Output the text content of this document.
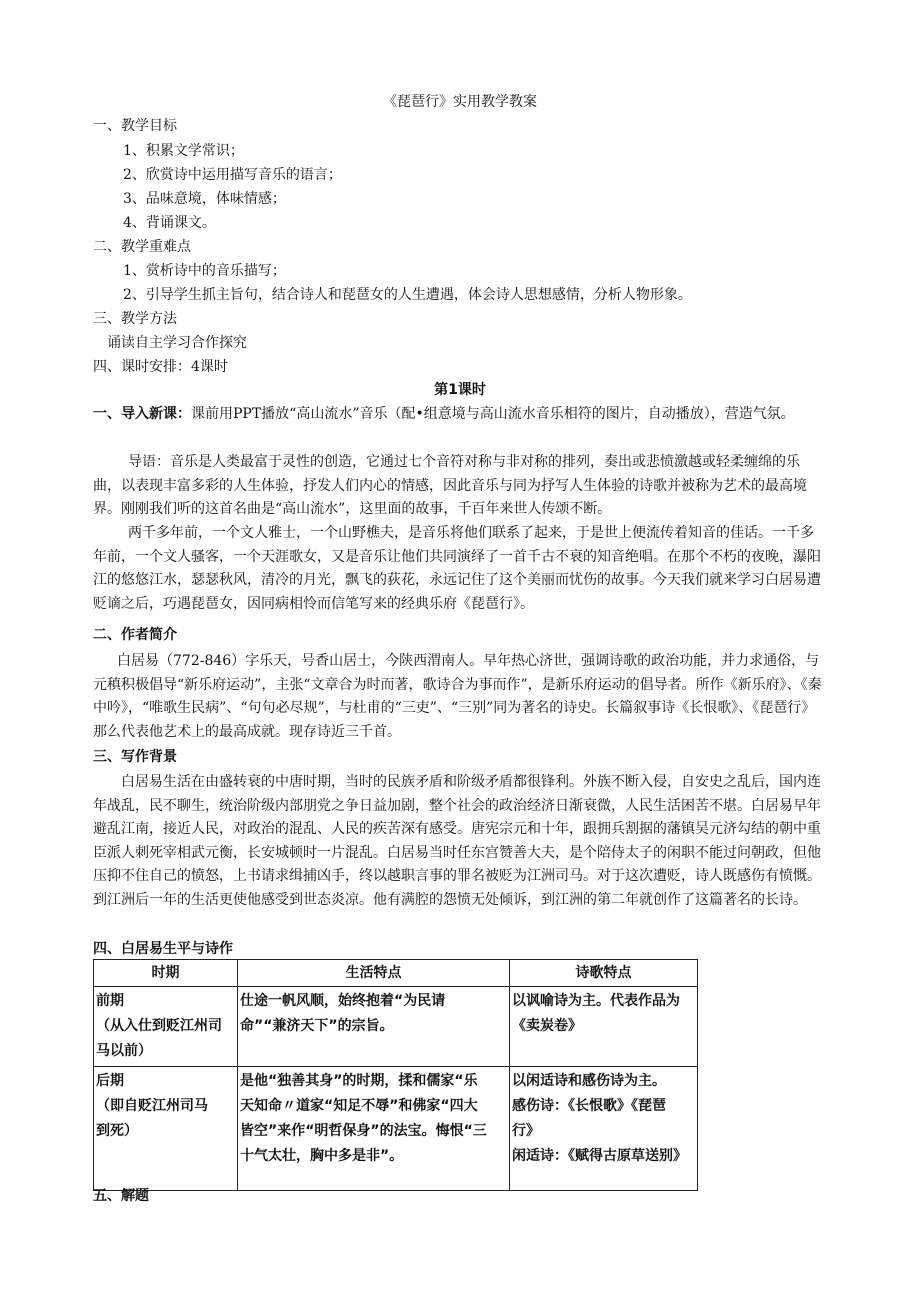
《琵琶行》实用教学教案
一、教学目标
1、积累文学常识；
2、欣赏诗中运用描写音乐的语言；
3、品味意境，体味情感；
4、背诵课文。
二、教学重难点
1、赏析诗中的音乐描写；
2、引导学生抓主旨句，结合诗人和琵琶女的人生遭遇，体会诗人思想感情，分析人物形象。
三、教学方法
诵读自主学习合作探究
四、课时安排：4课时
第1课时
一、导入新课：课前用PPT播放“高山流水”音乐（配•组意境与高山流水音乐相符的图片，自动播放），营造气氛。
导语：音乐是人类最富于灵性的创造，它通过七个音符对称与非对称的排列，奏出或悲愤激越或轻柔缠绵的乐曲，以表现丰富多彩的人生体验，抒发人们内心的情感，因此音乐与同为抒写人生体验的诗歌并被称为艺术的最高境界。刚刚我们听的这首名曲是“高山流水”，这里面的故事，千百年来世人传颂不断。
两千多年前，一个文人雅士，一个山野樵夫，是音乐将他们联系了起来，于是世上便流传着知音的佳话。一千多年前，一个文人骚客，一个天涯歌女，又是音乐让他们共同演绎了一首千古不衰的知音绝唱。在那个不朽的夜晚，瀑阳江的悠悠江水，瑟瑟秋风，清冷的月光，飘飞的荻花，永远记住了这个美丽而忧伤的故事。今天我们就来学习白居易遭贬谪之后，巧遇琵琶女，因同病相怜而信笔写来的经典乐府《琵琶行》。
二、作者简介
白居易（772-846）字乐天，号香山居士，今陕西渭南人。早年热心济世，强调诗歌的政治功能，并力求通俗，与元稹积极倡导“新乐府运动”，主张“文章合为时而著，歌诗合为事而作”，是新乐府运动的倡导者。所作《新乐府》、《秦中吟》，“唯歌生民病”、“句句必尽规”，与杜甫的“三吏”、“三别”同为著名的诗史。长篇叙事诗《长恨歌》、《琵琶行》那么代表他艺术上的最高成就。现存诗近三千首。
三、写作背景
白居易生活在由盛转衰的中唐时期，当时的民族矛盾和阶级矛盾都很锋利。外族不断入侵，自安史之乱后，国内连年战乱，民不聊生，统治阶级内部朋党之争日益加剧，整个社会的政治经济日渐衰微，人民生活困苦不堪。白居易早年避乱江南，接近人民，对政治的混乱、人民的疾苦深有感受。唐宪宗元和十年，跟拥兵割据的藩镇吴元济勾结的朝中重臣派人刺死宰相武元衡，长安城顿时一片混乱。白居易当时任东宫赞善大夫，是个陪侍太子的闲职不能过问朝政，但他压抑不住自己的愤怒，上书请求缉捕凶手，终以越职言事的罪名被贬为江洲司马。对于这次遭贬，诗人既感伤有愤慨。到江洲后一年的生活更使他感受到世态炎凉。他有满腔的怨愤无处倾诉，到江洲的第二年就创作了这篇著名的长诗。
四、白居易生平与诗作
时期	生活特点	诗歌特点

前期
（从入仕到贬江州司
马以前）	仕途一帆风顺，始终抱着“为民请
命”“兼济天下”的宗旨。	以讽喻诗为主。代表作品为
《卖炭卷》

后期
（即自贬江州司马
到死）	是他“独善其身”的时期，揉和儒家“乐
天知命〃道家“知足不辱”和佛家“四大
皆空”来作“明哲保身”的法宝。悔恨“三
十气太壮，胸中多是非”。	以闲适诗和感伤诗为主。
感伤诗：《长恨歌》《琵琶
行》
闲适诗：《赋得古原草送别》
五、解题
